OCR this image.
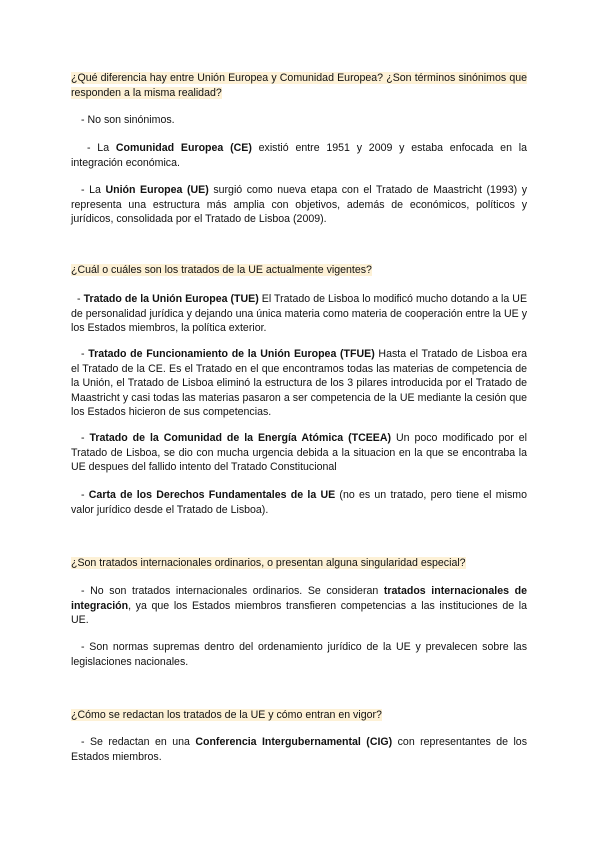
¿Qué diferencia hay entre Unión Europea y Comunidad Europea? ¿Son términos sinónimos que responden a la misma realidad?

- No son sinónimos.

- La Comunidad Europea (CE) existió entre 1951 y 2009 y estaba enfocada en la integración económica.

- La Unión Europea (UE) surgió como nueva etapa con el Tratado de Maastricht (1993) y representa una estructura más amplia con objetivos, además de económicos, políticos y jurídicos, consolidada por el Tratado de Lisboa (2009).

¿Cuál o cuáles son los tratados de la UE actualmente vigentes?

- Tratado de la Unión Europea (TUE) El Tratado de Lisboa lo modificó mucho dotando a la UE de personalidad jurídica y dejando una única materia como materia de cooperación entre la UE y los Estados miembros, la política exterior.

- Tratado de Funcionamiento de la Unión Europea (TFUE) Hasta el Tratado de Lisboa era el Tratado de la CE. Es el Tratado en el que encontramos todas las materias de competencia de la Unión, el Tratado de Lisboa eliminó la estructura de los 3 pilares introducida por el Tratado de Maastricht y casi todas las materias pasaron a ser competencia de la UE mediante la cesión que los Estados hicieron de sus competencias.

- Tratado de la Comunidad de la Energía Atómica (TCEEA) Un poco modificado por el Tratado de Lisboa, se dio con mucha urgencia debida a la situacion en la que se encontraba la UE despues del fallido intento del Tratado Constitucional

- Carta de los Derechos Fundamentales de la UE (no es un tratado, pero tiene el mismo valor jurídico desde el Tratado de Lisboa).

¿Son tratados internacionales ordinarios, o presentan alguna singularidad especial?

- No son tratados internacionales ordinarios. Se consideran tratados internacionales de integración, ya que los Estados miembros transfieren competencias a las instituciones de la UE.

- Son normas supremas dentro del ordenamiento jurídico de la UE y prevalecen sobre las legislaciones nacionales.

¿Cómo se redactan los tratados de la UE y cómo entran en vigor?

- Se redactan en una Conferencia Intergubernamental (CIG) con representantes de los Estados miembros.
